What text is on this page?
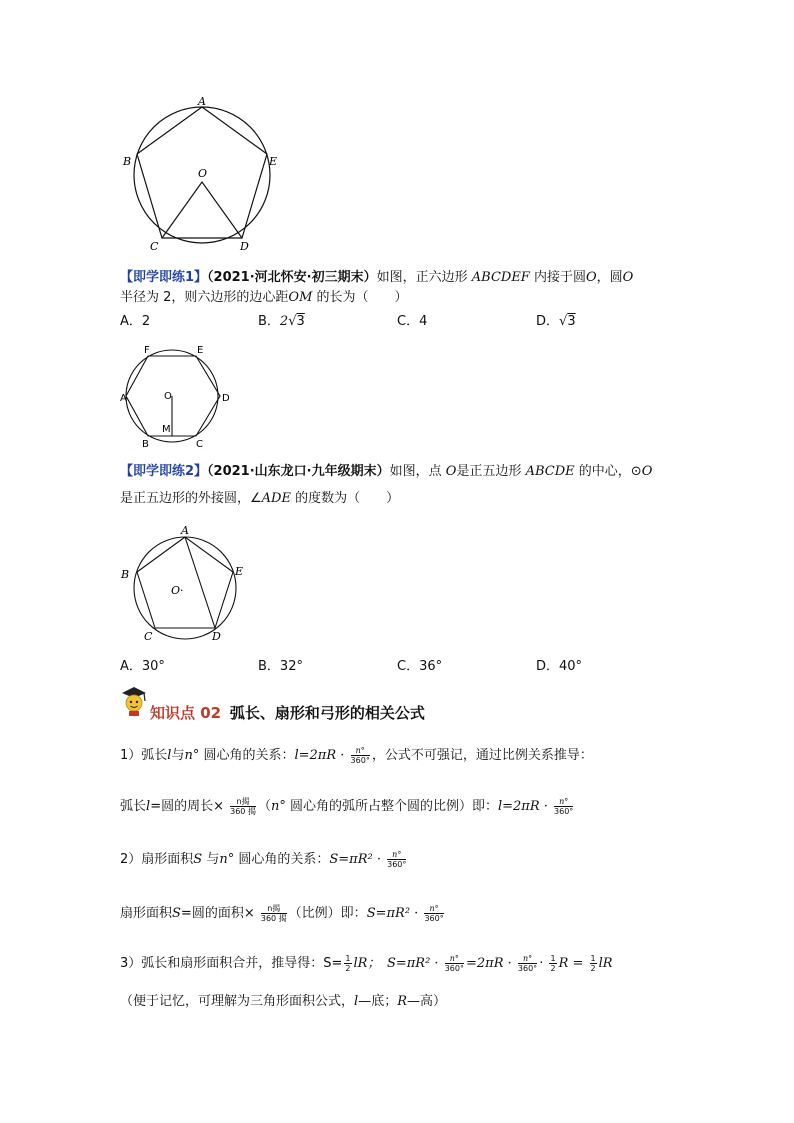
A
B	E
O
C	D
【即学即练1】（2021·河北怀安·初三期末）如图，正六边形 ABCDEF 内接于圆O，圆O
半径为 2，则六边形的边心距OM 的长为（　　）
A．2	B．2√3	C．4	D．√3
F	E
A	D
O
M
B	C
【即学即练2】（2021·山东龙口·九年级期末）如图，点 O是正五边形 ABCDE 的中心，⊙O
是正五边形的外接圆，∠ADE 的度数为（　　）
A
B	E
O·
C	D
A．30°	B．32°	C．36°	D．40°
知识点 02 弧长、扇形和弓形的相关公式
1）弧长l与n° 圆心角的关系：$l=2\pi R \cdot \frac{n^\circ}{360^\circ}$ ，公式不可强记，通过比例关系推导：
弧长l=圆的周长× $\frac{\text{n揭}}{\text{360 揭}} (n^\circ$ 圆心角的弧所占整个圆的比例）即：$l=2\pi R \cdot \frac{n^\circ}{360^\circ}$
2）扇形面积S 与n° 圆心角的关系：$S=\pi R^2 \cdot \frac{n^\circ}{360^\circ}$
扇形面积S=圆的面积× $\frac{\text{n揭}}{\text{360 揭}}$ （比例）即：$S=\pi R^2 \cdot \frac{n^\circ}{360^\circ}$
3）弧长和扇形面积合并，推导得：$S= \frac{1}{2}$ lR；　$S=\pi R^2 \cdot \frac{n^\circ}{360^\circ} =2\pi R \cdot \frac{n^\circ}{360^\circ} \cdot \frac{1}{2}$ $R = \frac{1}{2}$ lR
（便于记忆，可理解为三角形面积公式，l—底；R—高）
